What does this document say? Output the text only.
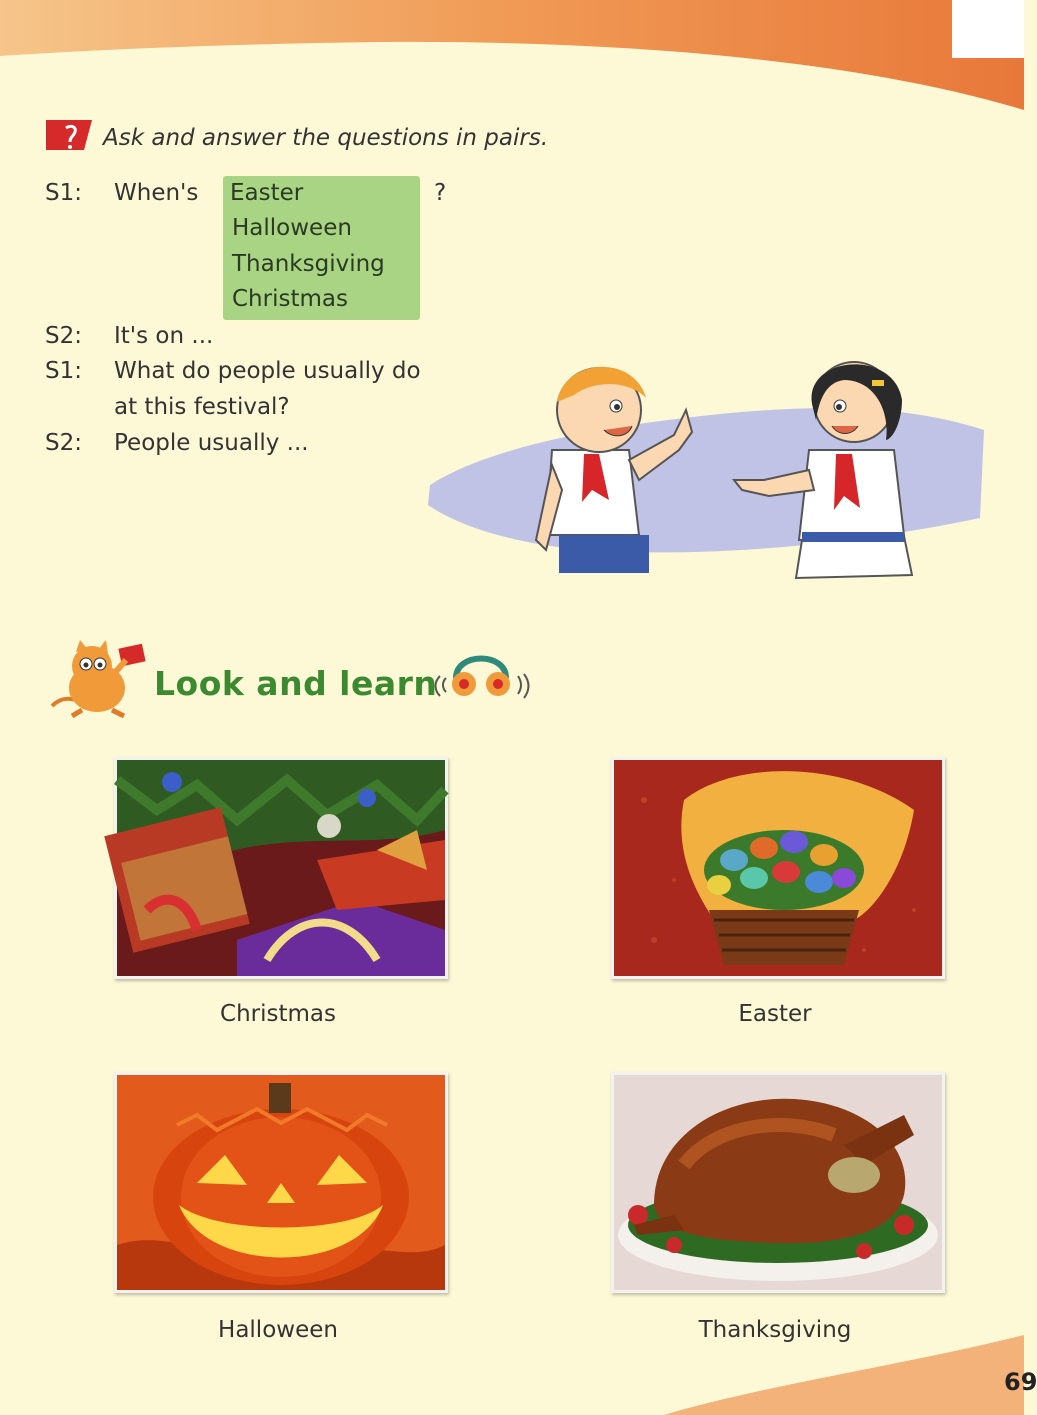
69
Ask and answer the questions in pairs.
S1: When's Easter
Halloween
Thanksgiving
Christmas
?
S2: It's on ...
S1: What do people usually do
at this festival?
S2: People usually ...
Look and learn
Christmas	Easter
Halloween	Thanksgiving
